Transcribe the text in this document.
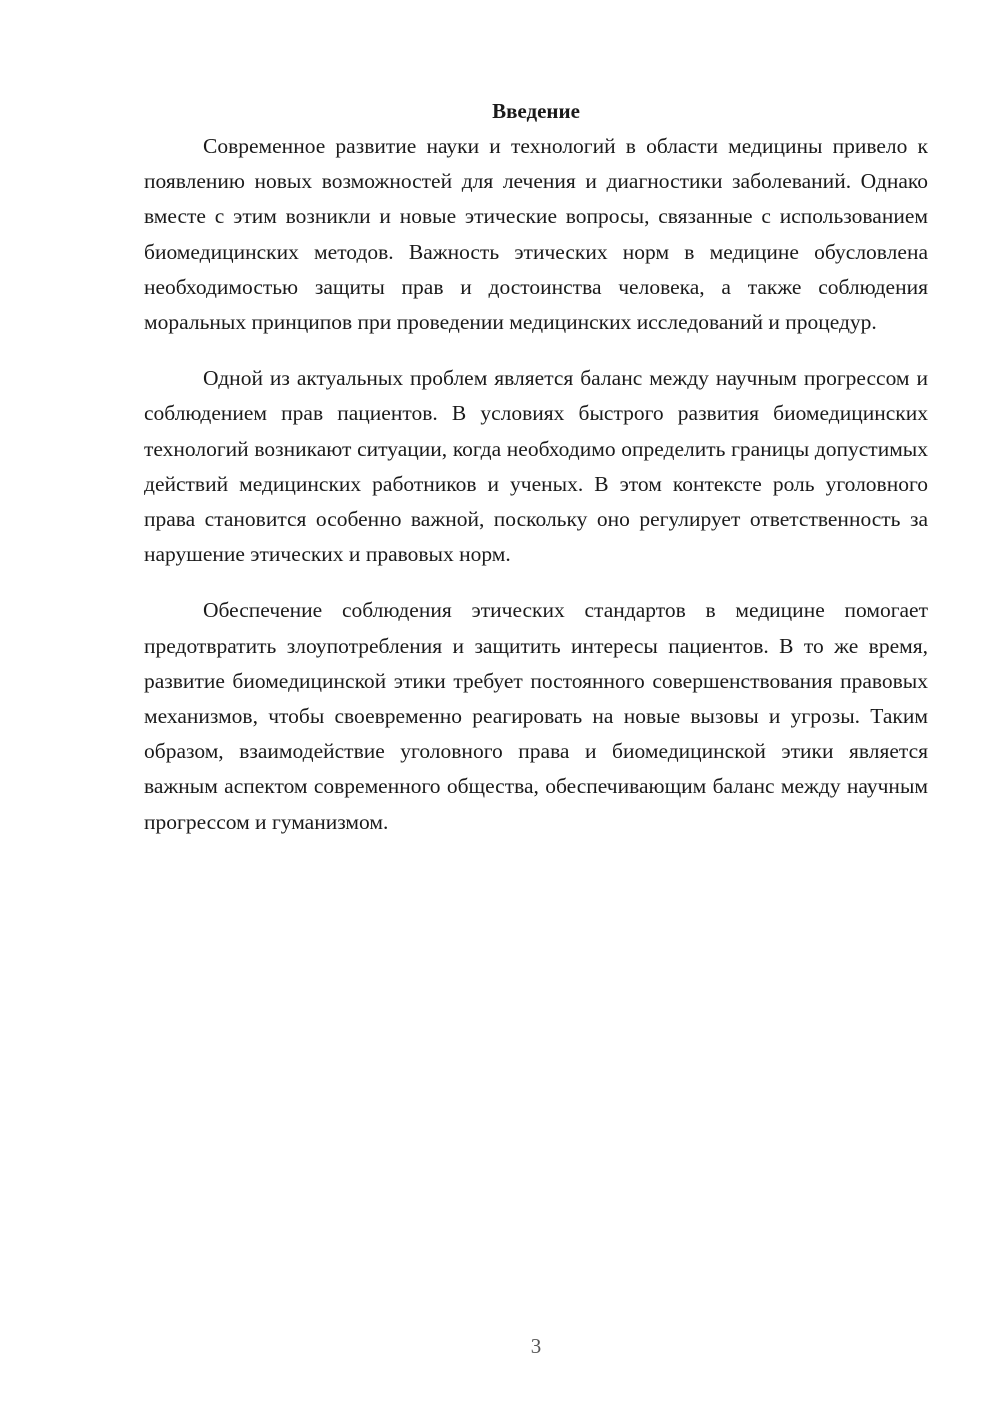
Введение

Современное развитие науки и технологий в области медицины привело к появлению новых возможностей для лечения и диагностики заболеваний. Однако вместе с этим возникли и новые этические вопросы, связанные с использованием биомедицинских методов. Важность этических норм в медицине обусловлена необходимостью защиты прав и достоинства человека, а также соблюдения моральных принципов при проведении медицинских исследований и процедур.

Одной из актуальных проблем является баланс между научным прогрессом и соблюдением прав пациентов. В условиях быстрого развития биомедицинских технологий возникают ситуации, когда необходимо определить границы допустимых действий медицинских работников и ученых. В этом контексте роль уголовного права становится особенно важной, поскольку оно регулирует ответственность за нарушение этических и правовых норм.

Обеспечение соблюдения этических стандартов в медицине помогает предотвратить злоупотребления и защитить интересы пациентов. В то же время, развитие биомедицинской этики требует постоянного совершенствования правовых механизмов, чтобы своевременно реагировать на новые вызовы и угрозы. Таким образом, взаимодействие уголовного права и биомедицинской этики является важным аспектом современного общества, обеспечивающим баланс между научным прогрессом и гуманизмом.

3
